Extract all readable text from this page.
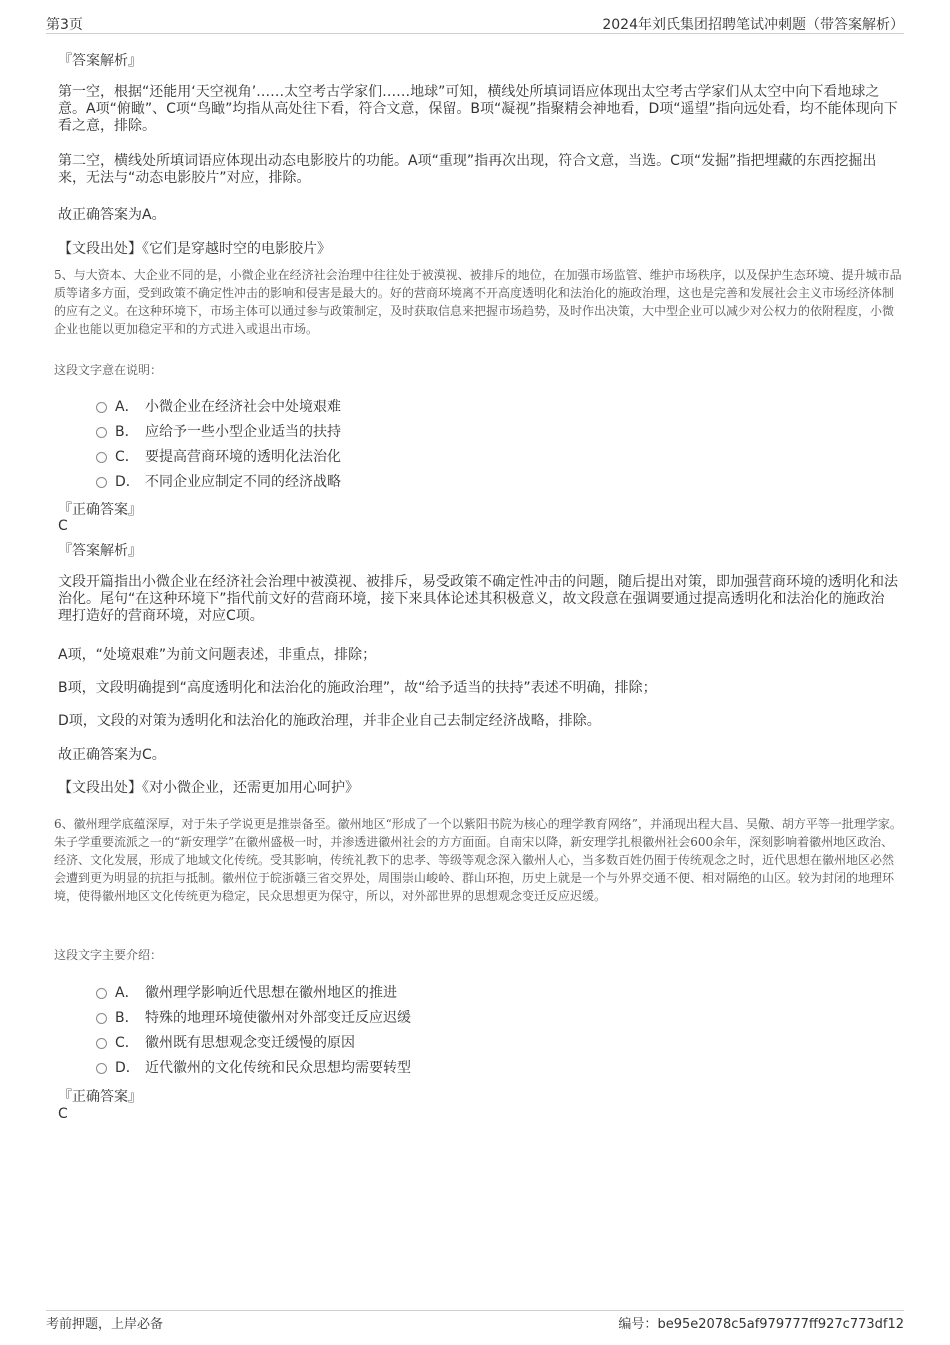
第3页	2024年刘氏集团招聘笔试冲刺题（带答案解析）
『答案解析』

第一空，根据“还能用‘天空视角’……太空考古学家们……地球”可知，横线处所填词语应体现出太空考古学家们从太空中向下看地球之意。A项“俯瞰”、C项“鸟瞰”均指从高处往下看，符合文意，保留。B项“凝视”指聚精会神地看，D项“遥望”指向远处看，均不能体现向下看之意，排除。

第二空，横线处所填词语应体现出动态电影胶片的功能。A项“重现”指再次出现，符合文意，当选。C项“发掘”指把埋藏的东西挖掘出来，无法与“动态电影胶片”对应，排除。

故正确答案为A。
【文段出处】《它们是穿越时空的电影胶片》

5、与大资本、大企业不同的是，小微企业在经济社会治理中往往处于被漠视、被排斥的地位，在加强市场监管、维护市场秩序，以及保护生态环境、提升城市品质等诸多方面，受到政策不确定性冲击的影响和侵害是最大的。好的营商环境离不开高度透明化和法治化的施政治理，这也是完善和发展社会主义市场经济体制的应有之义。在这种环境下，市场主体可以通过参与政策制定，及时获取信息来把握市场趋势，及时作出决策，大中型企业可以减少对公权力的依附程度，小微企业也能以更加稳定平和的方式进入或退出市场。

这段文字意在说明：
A． 小微企业在经济社会中处境艰难
B． 应给予一些小型企业适当的扶持
C． 要提高营商环境的透明化法治化
D． 不同企业应制定不同的经济战略
『正确答案』
C
『答案解析』

文段开篇指出小微企业在经济社会治理中被漠视、被排斥，易受政策不确定性冲击的问题，随后提出对策，即加强营商环境的透明化和法治化。尾句“在这种环境下”指代前文好的营商环境，接下来具体论述其积极意义，故文段意在强调要通过提高透明化和法治化的施政治理打造好的营商环境，对应C项。

A项，“处境艰难”为前文问题表述，非重点，排除；
B项，文段明确提到“高度透明化和法治化的施政治理”，故“给予适当的扶持”表述不明确，排除；
D项，文段的对策为透明化和法治化的施政治理，并非企业自己去制定经济战略，排除。
故正确答案为C。
【文段出处】《对小微企业，还需更加用心呵护》

6、徽州理学底蕴深厚，对于朱子学说更是推崇备至。徽州地区“形成了一个以紫阳书院为核心的理学教育网络”，并涌现出程大昌、吴儆、胡方平等一批理学家。朱子学重要流派之一的“新安理学”在徽州盛极一时，并渗透进徽州社会的方方面面。自南宋以降，新安理学扎根徽州社会600余年，深刻影响着徽州地区政治、经济、文化发展，形成了地域文化传统。受其影响，传统礼教下的忠孝、等级等观念深入徽州人心，当多数百姓仍囿于传统观念之时，近代思想在徽州地区必然会遭到更为明显的抗拒与抵制。徽州位于皖浙赣三省交界处，周围崇山峻岭、群山环抱，历史上就是一个与外界交通不便、相对隔绝的山区。较为封闭的地理环境，使得徽州地区文化传统更为稳定，民众思想更为保守，所以，对外部世界的思想观念变迁反应迟缓。

这段文字主要介绍：
A． 徽州理学影响近代思想在徽州地区的推进
B． 特殊的地理环境使徽州对外部变迁反应迟缓
C． 徽州既有思想观念变迁缓慢的原因
D． 近代徽州的文化传统和民众思想均需要转型
『正确答案』
C
考前押题，上岸必备	编号：be95e2078c5af979777ff927c773df12
